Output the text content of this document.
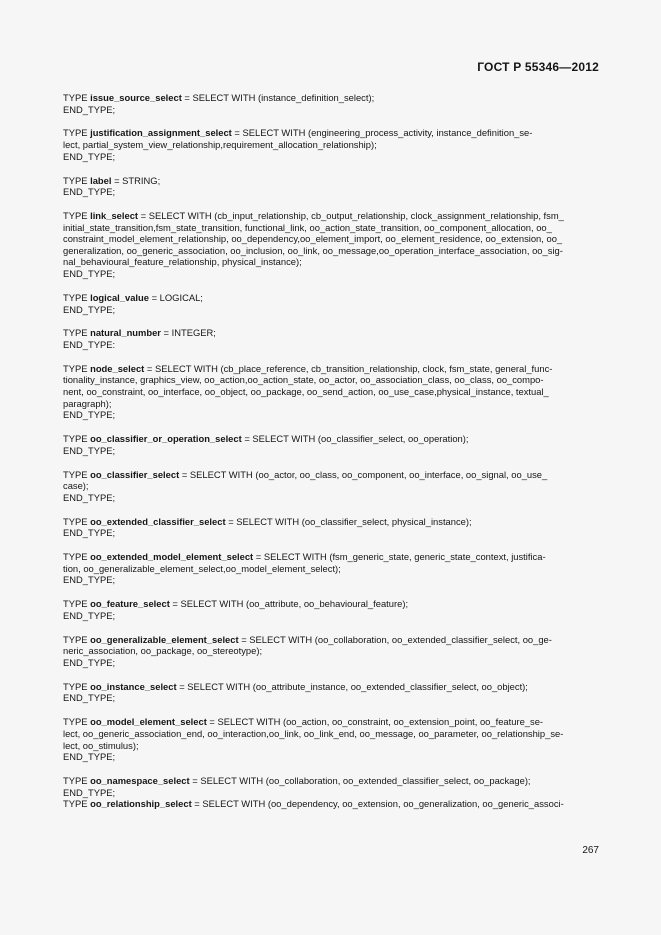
ГОСТ Р 55346—2012
TYPE issue_source_select = SELECT WITH (instance_definition_select);
END_TYPE;
TYPE justification_assignment_select = SELECT WITH (engineering_process_activity, instance_definition_se-
lect, partial_system_view_relationship,requirement_allocation_relationship);
END_TYPE;
TYPE label = STRING;
END_TYPE;
TYPE link_select = SELECT WITH (cb_input_relationship, cb_output_relationship, clock_assignment_relationship, fsm_
initial_state_transition,fsm_state_transition, functional_link, oo_action_state_transition, oo_component_allocation, oo_
constraint_model_element_relationship, oo_dependency,oo_element_import, oo_element_residence, oo_extension, oo_
generalization, oo_generic_association, oo_inclusion, oo_link, oo_message,oo_operation_interface_association, oo_sig-
nal_behavioural_feature_relationship, physical_instance);
END_TYPE;
TYPE logical_value = LOGICAL;
END_TYPE;
TYPE natural_number = INTEGER;
END_TYPE:
TYPE node_select = SELECT WITH (cb_place_reference, cb_transition_relationship, clock, fsm_state, general_func-
tionality_instance, graphics_view, oo_action,oo_action_state, oo_actor, oo_association_class, oo_class, oo_compo-
nent, oo_constraint, oo_interface, oo_object, oo_package, oo_send_action, oo_use_case,physical_instance, textual_
paragraph);
END_TYPE;
TYPE oo_classifier_or_operation_select = SELECT WITH (oo_classifier_select, oo_operation);
END_TYPE;
TYPE oo_classifier_select = SELECT WITH (oo_actor, oo_class, oo_component, oo_interface, oo_signal, oo_use_
case);
END_TYPE;
TYPE oo_extended_classifier_select = SELECT WITH (oo_classifier_select, physical_instance);
END_TYPE;
TYPE oo_extended_model_element_select = SELECT WITH (fsm_generic_state, generic_state_context, justifica-
tion, oo_generalizable_element_select,oo_model_element_select);
END_TYPE;
TYPE oo_feature_select = SELECT WITH (oo_attribute, oo_behavioural_feature);
END_TYPE;
TYPE oo_generalizable_element_select = SELECT WITH (oo_collaboration, oo_extended_classifier_select, oo_ge-
neric_association, oo_package, oo_stereotype);
END_TYPE;
TYPE oo_instance_select = SELECT WITH (oo_attribute_instance, oo_extended_classifier_select, oo_object);
END_TYPE;
TYPE oo_model_element_select = SELECT WITH (oo_action, oo_constraint, oo_extension_point, oo_feature_se-
lect, oo_generic_association_end, oo_interaction,oo_link, oo_link_end, oo_message, oo_parameter, oo_relationship_se-
lect, oo_stimulus);
END_TYPE;
TYPE oo_namespace_select = SELECT WITH (oo_collaboration, oo_extended_classifier_select, oo_package);
END_TYPE;
TYPE oo_relationship_select = SELECT WITH (oo_dependency, oo_extension, oo_generalization, oo_generic_associ-
267
